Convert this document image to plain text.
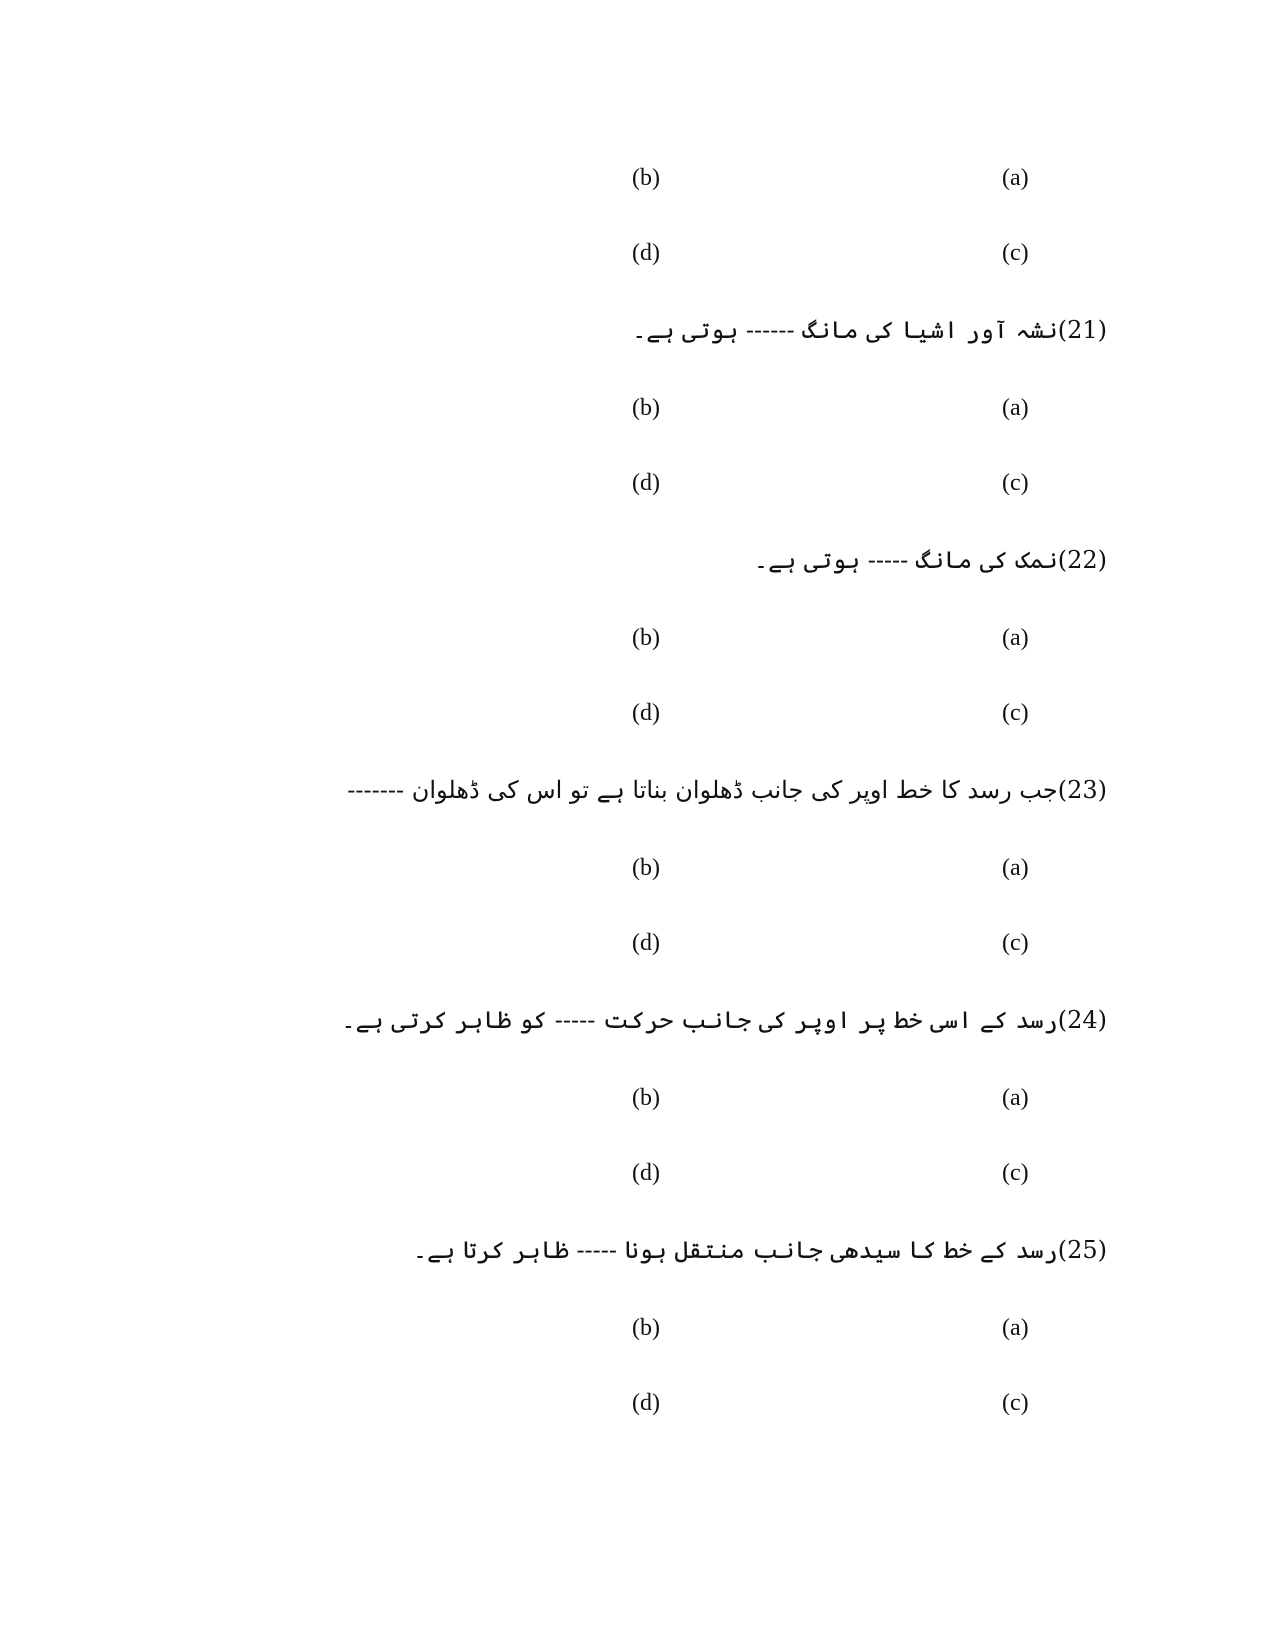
(a)
(b)
(c)
(d)
(21)نشہ آور اشیا کی مانگ ------ ہوتی ہے۔
(a)
(b)
(c)
(d)
(22)نمک کی مانگ ----- ہوتی ہے۔
(a)
(b)
(c)
(d)
(23)جب رسد کا خط اوپر کی جانب ڈھلوان بناتا ہے تو اس کی ڈھلوان -------
(a)
(b)
(c)
(d)
(24)رسد کے اسی خط پر اوپر کی جانب حرکت ----- کو ظاہر کرتی ہے۔
(a)
(b)
(c)
(d)
(25)رسد کے خط کا سیدھی جانب منتقل ہونا ----- ظاہر کرتا ہے۔
(a)
(b)
(c)
(d)
